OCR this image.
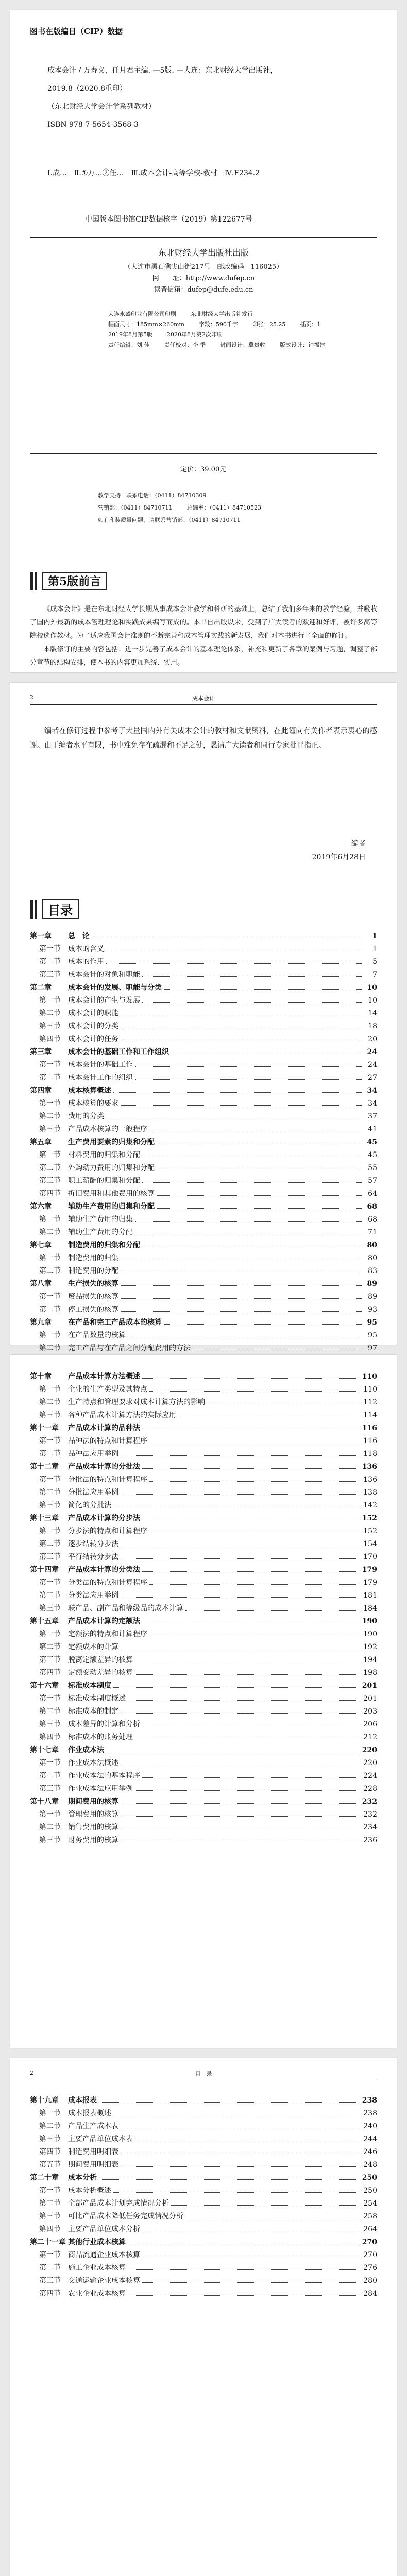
图书在版编目（CIP）数据
成本会计 / 万寿义，任月君主编. —5版. —大连：东北财经大学出版社，
2019.8（2020.8重印）
（东北财经大学会计学系列教材）
ISBN 978-7-5654-3568-3
Ⅰ.成…　Ⅱ.①万…②任…　Ⅲ.成本会计-高等学校-教材　Ⅳ.F234.2
中国版本图书馆CIP数据核字（2019）第122677号
东北财经大学出版社出版
（大连市黑石礁尖山街217号　邮政编码　116025）
网　　址：http://www.dufep.cn
读者信箱：dufep@dufe.edu.cn
大连永盛印业有限公司印刷	东北财经大学出版社发行
幅面尺寸：185mm×260mm	字数：590千字	印张：25.25	插页：1
2019年8月第5版	2020年8月第2次印刷
责任编辑：刘 佳	责任校对：李 季	封面设计：冀贵收	版式设计：钟福建
定价：39.00元
教学支持　联系电话：（0411）84710309
营销部：（0411）84710711	总编室：（0411）84710523
如有印装质量问题，请联系营销部：（0411）84710711
第5版前言

《成本会计》是在东北财经大学长期从事成本会计教学和科研的基础上，总结了我们多年来的教学经验，并吸收了国内外最新的成本管理理论和实践成果编写而成的。本书自出版以来，受到了广大读者的欢迎和好评，被许多高等院校选作教材。为了适应我国会计准则的不断完善和成本管理实践的新发展，我们对本书进行了全面的修订。

本版修订的主要内容包括：进一步完善了成本会计的基本理论体系，补充和更新了各章的案例与习题，调整了部分章节的结构安排，使本书的内容更加系统、实用。

2	成本会计
编者在修订过程中参考了大量国内外有关成本会计的教材和文献资料，在此谨向有关作者表示衷心的感谢。由于编者水平有限，书中难免存在疏漏和不足之处，恳请广大读者和同行专家批评指正。
编者
2019年6月28日
目录
第一章	总　论	1
第一节	成本的含义	1
第二节	成本的作用	5
第三节	成本会计的对象和职能	7
第二章	成本会计的发展、职能与分类	10
第一节	成本会计的产生与发展	10
第二节	成本会计的职能	14
第三节	成本会计的分类	18
第四节	成本会计的任务	20
第三章	成本会计的基础工作和工作组织	24
第一节	成本会计的基础工作	24
第二节	成本会计工作的组织	27
第四章	成本核算概述	34
第一节	成本核算的要求	34
第二节	费用的分类	37
第三节	产品成本核算的一般程序	41
第五章	生产费用要素的归集和分配	45
第一节	材料费用的归集和分配	45
第二节	外购动力费用的归集和分配	55
第三节	职工薪酬的归集和分配	57
第四节	折旧费用和其他费用的核算	64
第六章	辅助生产费用的归集和分配	68
第一节	辅助生产费用的归集	68
第二节	辅助生产费用的分配	71
第七章	制造费用的归集和分配	80
第一节	制造费用的归集	80
第二节	制造费用的分配	83
第八章	生产损失的核算	89
第一节	废品损失的核算	89
第二节	停工损失的核算	93
第九章	在产品和完工产品成本的核算	95
第一节	在产品数量的核算	95
第二节	完工产品与在产品之间分配费用的方法	97
第十章	产品成本计算方法概述	110
第一节	企业的生产类型及其特点	110
第二节	生产特点和管理要求对成本计算方法的影响	112
第三节	各种产品成本计算方法的实际应用	114
第十一章	产品成本计算的品种法	116
第一节	品种法的特点和计算程序	116
第二节	品种法应用举例	118
第十二章	产品成本计算的分批法	136
第一节	分批法的特点和计算程序	136
第二节	分批法应用举例	138
第三节	简化的分批法	142
第十三章	产品成本计算的分步法	152
第一节	分步法的特点和计算程序	152
第二节	逐步结转分步法	154
第三节	平行结转分步法	170
第十四章	产品成本计算的分类法	179
第一节	分类法的特点和计算程序	179
第二节	分类法应用举例	181
第三节	联产品、副产品和等级品的成本计算	184
第十五章	产品成本计算的定额法	190
第一节	定额法的特点和计算程序	190
第二节	定额成本的计算	192
第三节	脱离定额差异的核算	194
第四节	定额变动差异的核算	198
第十六章	标准成本制度	201
第一节	标准成本制度概述	201
第二节	标准成本的制定	203
第三节	成本差异的计算和分析	206
第四节	标准成本的账务处理	212
第十七章	作业成本法	220
第一节	作业成本法概述	220
第二节	作业成本法的基本程序	224
第三节	作业成本法应用举例	228
第十八章	期间费用的核算	232
第一节	管理费用的核算	232
第二节	销售费用的核算	234
第三节	财务费用的核算	236
2	目　录
第十九章	成本报表	238
第一节	成本报表概述	238
第二节	产品生产成本表	240
第三节	主要产品单位成本表	244
第四节	制造费用明细表	246
第五节	期间费用明细表	248
第二十章	成本分析	250
第一节	成本分析概述	250
第二节	全部产品成本计划完成情况分析	254
第三节	可比产品成本降低任务完成情况分析	258
第四节	主要产品单位成本分析	264
第二十一章 其他行业成本核算	270
第一节	商品流通企业成本核算	270
第二节	施工企业成本核算	276
第三节	交通运输企业成本核算	280
第四节	农业企业成本核算	284
